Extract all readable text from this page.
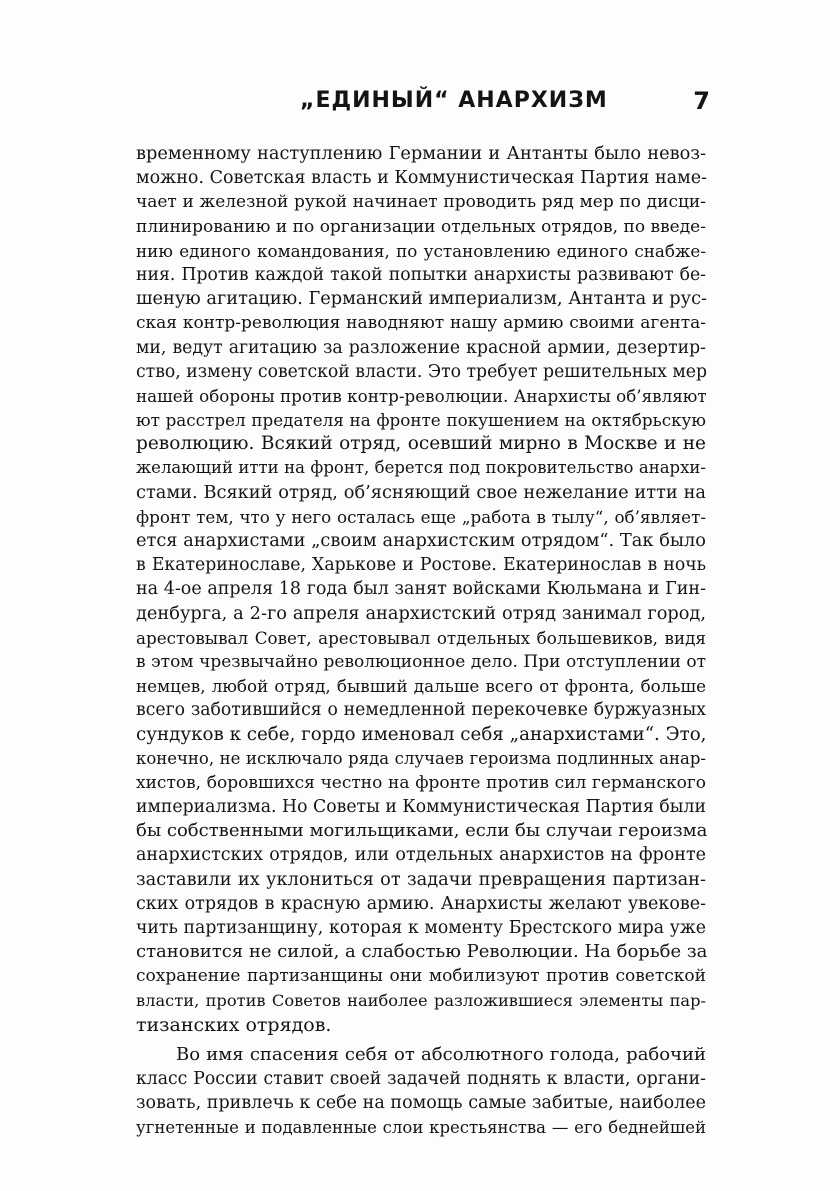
„ЕДИНЫЙ“ АНАРХИЗМ	7
временному наступлению Германии и Антанты было невоз-
можно. Советская власть и Коммунистическая Партия наме-
чает и железной рукой начинает проводить ряд мер по дисци-
плинированию и по организации отдельных отрядов, по введе-
нию единого командования, по установлению единого снабже-
ния. Против каждой такой попытки анархисты развивают бе-
шеную агитацию. Германский империализм, Антанта и рус-
ская контр-революция наводняют нашу армию своими агента-
ми, ведут агитацию за разложение красной армии, дезертир-
ство, измену советской власти. Это требует решительных мер
нашей обороны против контр-революции. Анархисты об’являют
ют расстрел предателя на фронте покушением на октябрьскую
революцию. Всякий отряд, осевший мирно в Москве и не
желающий итти на фронт, берется под покровительство анархи-
стами. Всякий отряд, об’ясняющий свое нежелание итти на
фронт тем, что у него осталась еще „работа в тылу“, об’являет-
ется анархистами „своим анархистским отрядом“. Так было
в Екатеринославе, Харькове и Ростове. Екатеринослав в ночь
на 4-ое апреля 18 года был занят войсками Кюльмана и Гин-
денбурга, а 2-го апреля анархистский отряд занимал город,
арестовывал Совет, арестовывал отдельных большевиков, видя
в этом чрезвычайно революционное дело. При отступлении от
немцев, любой отряд, бывший дальше всего от фронта, больше
всего заботившийся о немедленной перекочевке буржуазных
сундуков к себе, гордо именовал себя „анархистами“. Это,
конечно, не исключало ряда случаев героизма подлинных анар-
хистов, боровшихся честно на фронте против сил германского
империализма. Но Советы и Коммунистическая Партия были
бы собственными могильщиками, если бы случаи героизма
анархистских отрядов, или отдельных анархистов на фронте
заставили их уклониться от задачи превращения партизан-
ских отрядов в красную армию. Анархисты желают увекове-
чить партизанщину, которая к моменту Брестского мира уже
становится не силой, а слабостью Революции. На борьбе за
сохранение партизанщины они мобилизуют против советской
власти, против Советов наиболее разложившиеся элементы пар-
тизанских отрядов.
Во имя спасения себя от абсолютного голода, рабочий
класс России ставит своей задачей поднять к власти, органи-
зовать, привлечь к себе на помощь самые забитые, наиболее
угнетенные и подавленные слои крестьянства — его беднейшей
